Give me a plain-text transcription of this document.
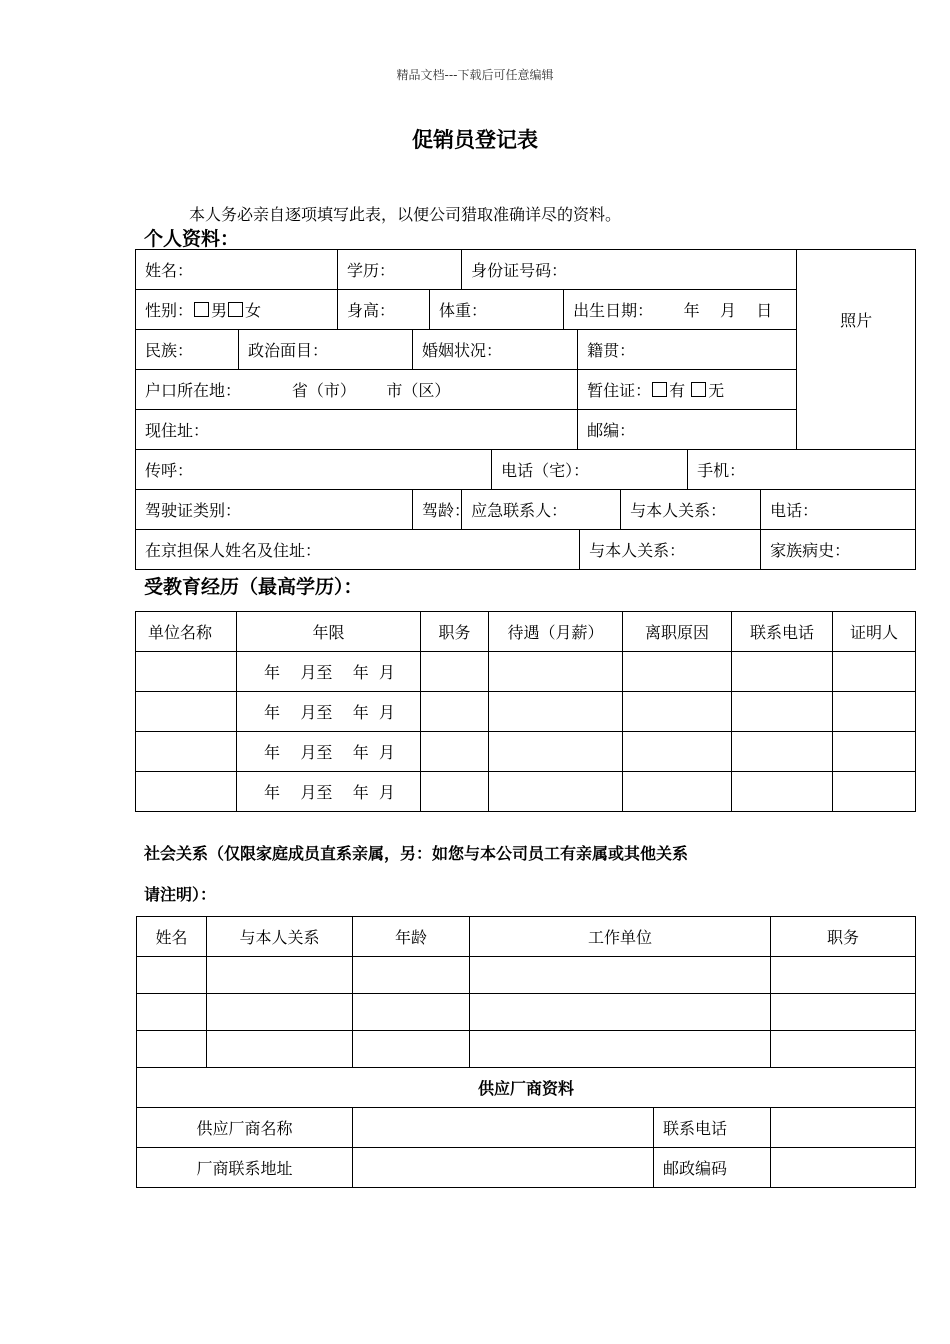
精品文档---下载后可任意编辑
促销员登记表
本人务必亲自逐项填写此表，以便公司猎取准确详尽的资料。
个人资料：
姓名：		学历：			身份证号码：								照片

性别： 男 女		身高：		体重：			出生日期： 年    月    日						

民族：	政治面目：		婚姻状况：					籍贯：					

户口所在地： 省（市）      市（区）								暂住证： 有 无					

现住址：								邮编：					

传呼：						电话（宅）：					手机：		

驾驶证类别：			驾龄：		应急联系人：					与本人关系：		电话：	

在京担保人姓名及住址：									与本人关系：			家族病史：	
受教育经历（最高学历）：
单位名称	年限	职务	待遇（月薪）	离职原因	联系电话	证明人

	年    月至    年  月					

	年    月至    年  月					

	年    月至    年  月					

	年    月至    年  月					

社会关系（仅限家庭成员直系亲属，另：如您与本公司员工有亲属或其他关系
请注明）：
姓名	与本人关系	年龄	工作单位		职务

供应厂商资料					

供应厂商名称				联系电话	

厂商联系地址				邮政编码	
